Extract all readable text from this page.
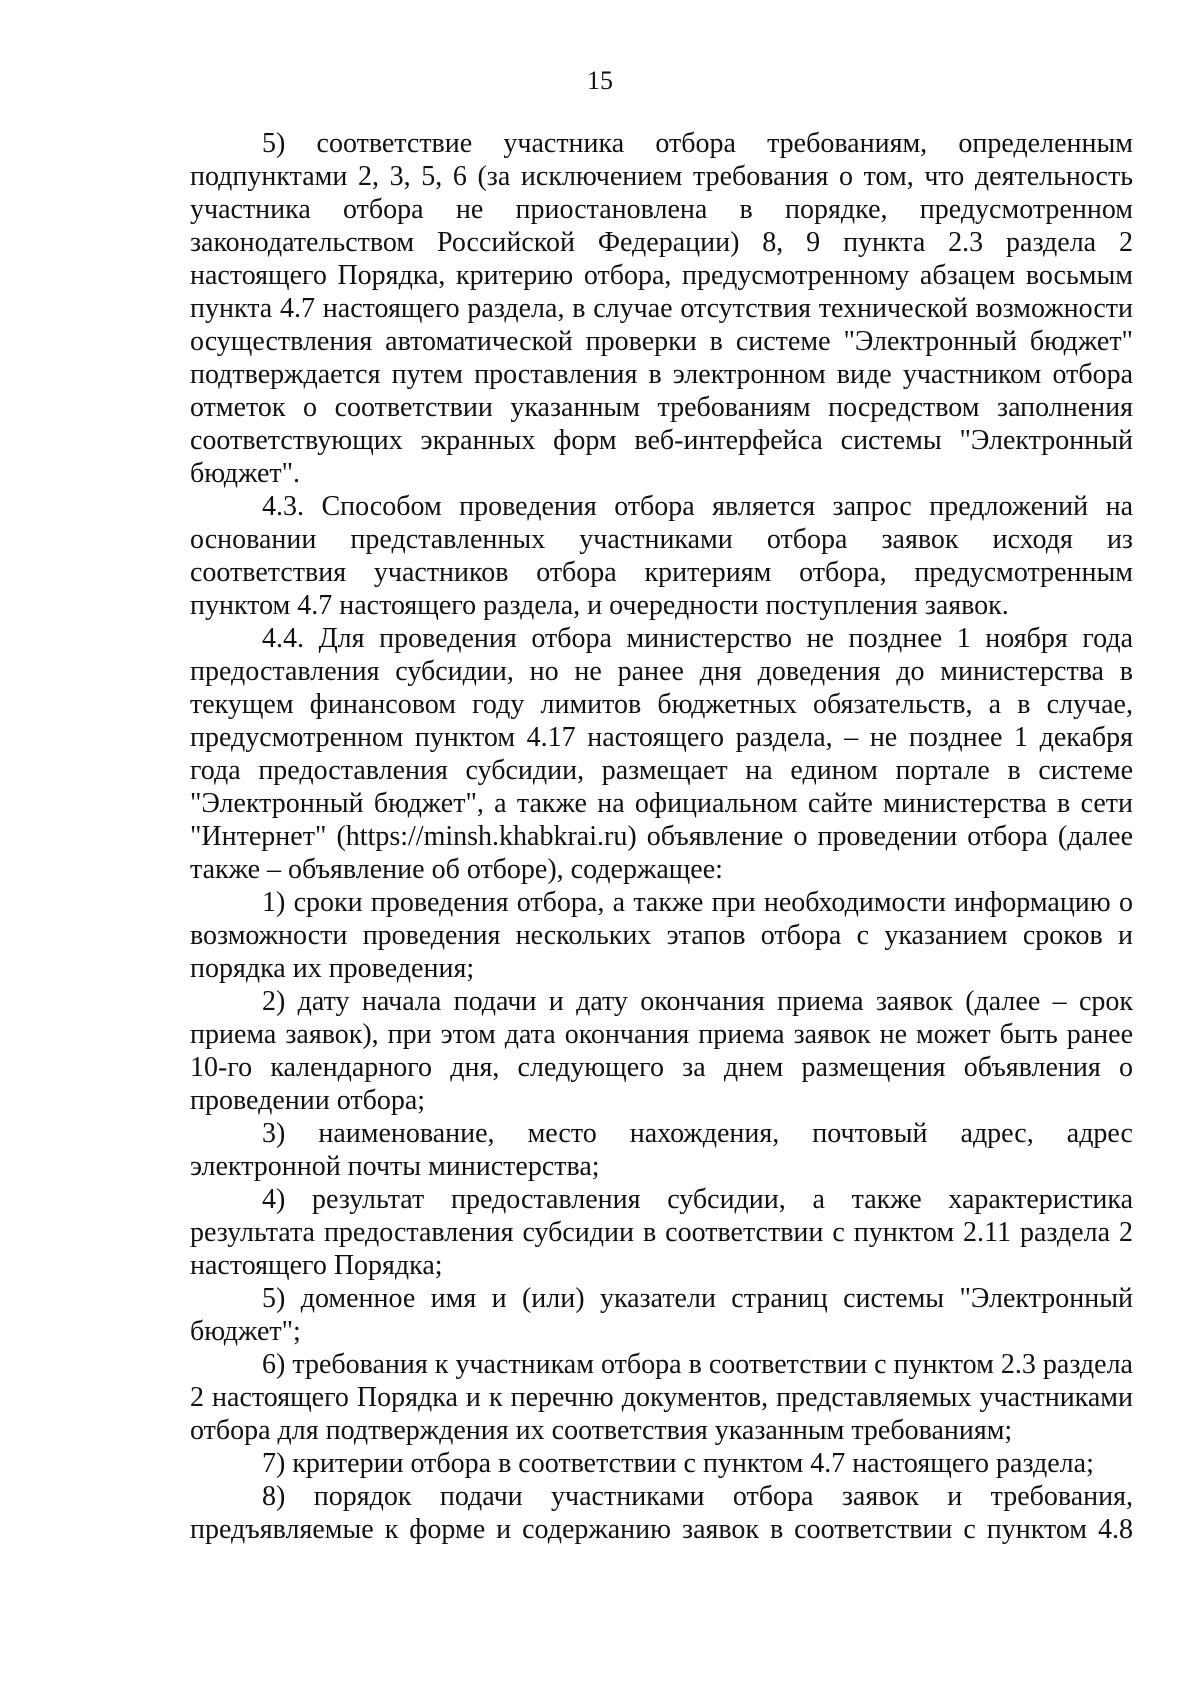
15

5) соответствие участника отбора требованиям, определенным подпунктами 2, 3, 5, 6 (за исключением требования о том, что деятельность участника отбора не приостановлена в порядке, предусмотренном законодательством Российской Федерации) 8, 9 пункта 2.3 раздела 2 настоящего Порядка, критерию отбора, предусмотренному абзацем восьмым пункта 4.7 настоящего раздела, в случае отсутствия технической возможности осуществления автоматической проверки в системе "Электронный бюджет" подтверждается путем проставления в электронном виде участником отбора отметок о соответствии указанным требованиям посредством заполнения соответствующих экранных форм веб-интерфейса системы "Электронный бюджет".

4.3. Способом проведения отбора является запрос предложений на основании представленных участниками отбора заявок исходя из соответствия участников отбора критериям отбора, предусмотренным пунктом 4.7 настоящего раздела, и очередности поступления заявок.

4.4. Для проведения отбора министерство не позднее 1 ноября года предоставления субсидии, но не ранее дня доведения до министерства в текущем финансовом году лимитов бюджетных обязательств, а в случае, предусмотренном пунктом 4.17 настоящего раздела, – не позднее 1 декабря года предоставления субсидии, размещает на едином портале в системе "Электронный бюджет", а также на официальном сайте министерства в сети "Интернет" (https://minsh.khabkrai.ru) объявление о проведении отбора (далее также – объявление об отборе), содержащее:

1) сроки проведения отбора, а также при необходимости информацию о возможности проведения нескольких этапов отбора с указанием сроков и порядка их проведения;

2) дату начала подачи и дату окончания приема заявок (далее – срок приема заявок), при этом дата окончания приема заявок не может быть ранее 10-го календарного дня, следующего за днем размещения объявления о проведении отбора;

3) наименование, место нахождения, почтовый адрес, адрес электронной почты министерства;

4) результат предоставления субсидии, а также характеристика результата предоставления субсидии в соответствии с пунктом 2.11 раздела 2 настоящего Порядка;

5) доменное имя и (или) указатели страниц системы "Электронный бюджет";

6) требования к участникам отбора в соответствии с пунктом 2.3 раздела 2 настоящего Порядка и к перечню документов, представляемых участниками отбора для подтверждения их соответствия указанным требованиям;

7) критерии отбора в соответствии с пунктом 4.7 настоящего раздела;

8) порядок подачи участниками отбора заявок и требования, предъявляемые к форме и содержанию заявок в соответствии с пунктом 4.8
